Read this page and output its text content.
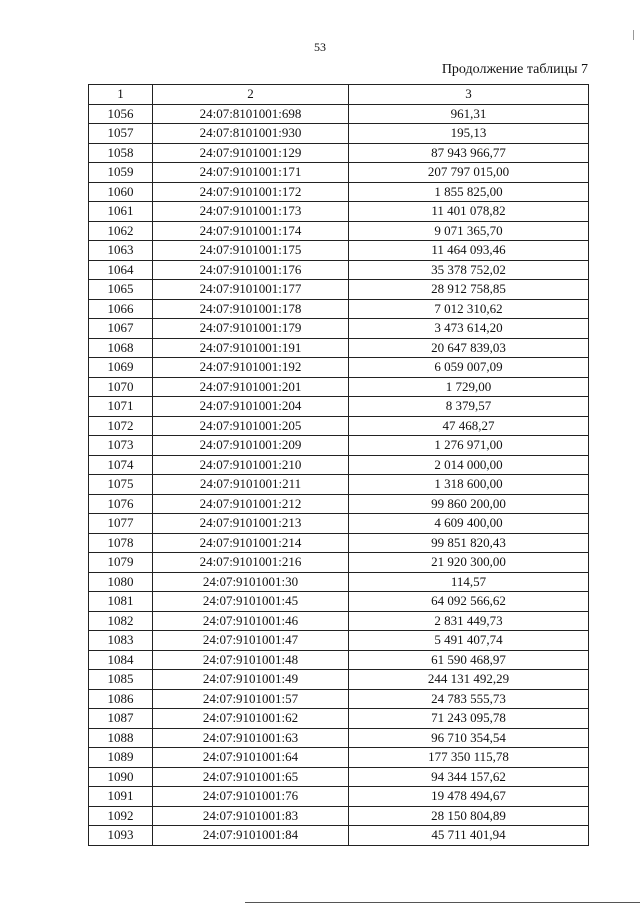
53
Продолжение таблицы 7
1	2	3
1056	24:07:8101001:698	961,31
1057	24:07:8101001:930	195,13
1058	24:07:9101001:129	87 943 966,77
1059	24:07:9101001:171	207 797 015,00
1060	24:07:9101001:172	1 855 825,00
1061	24:07:9101001:173	11 401 078,82
1062	24:07:9101001:174	9 071 365,70
1063	24:07:9101001:175	11 464 093,46
1064	24:07:9101001:176	35 378 752,02
1065	24:07:9101001:177	28 912 758,85
1066	24:07:9101001:178	7 012 310,62
1067	24:07:9101001:179	3 473 614,20
1068	24:07:9101001:191	20 647 839,03
1069	24:07:9101001:192	6 059 007,09
1070	24:07:9101001:201	1 729,00
1071	24:07:9101001:204	8 379,57
1072	24:07:9101001:205	47 468,27
1073	24:07:9101001:209	1 276 971,00
1074	24:07:9101001:210	2 014 000,00
1075	24:07:9101001:211	1 318 600,00
1076	24:07:9101001:212	99 860 200,00
1077	24:07:9101001:213	4 609 400,00
1078	24:07:9101001:214	99 851 820,43
1079	24:07:9101001:216	21 920 300,00
1080	24:07:9101001:30	114,57
1081	24:07:9101001:45	64 092 566,62
1082	24:07:9101001:46	2 831 449,73
1083	24:07:9101001:47	5 491 407,74
1084	24:07:9101001:48	61 590 468,97
1085	24:07:9101001:49	244 131 492,29
1086	24:07:9101001:57	24 783 555,73
1087	24:07:9101001:62	71 243 095,78
1088	24:07:9101001:63	96 710 354,54
1089	24:07:9101001:64	177 350 115,78
1090	24:07:9101001:65	94 344 157,62
1091	24:07:9101001:76	19 478 494,67
1092	24:07:9101001:83	28 150 804,89
1093	24:07:9101001:84	45 711 401,94
